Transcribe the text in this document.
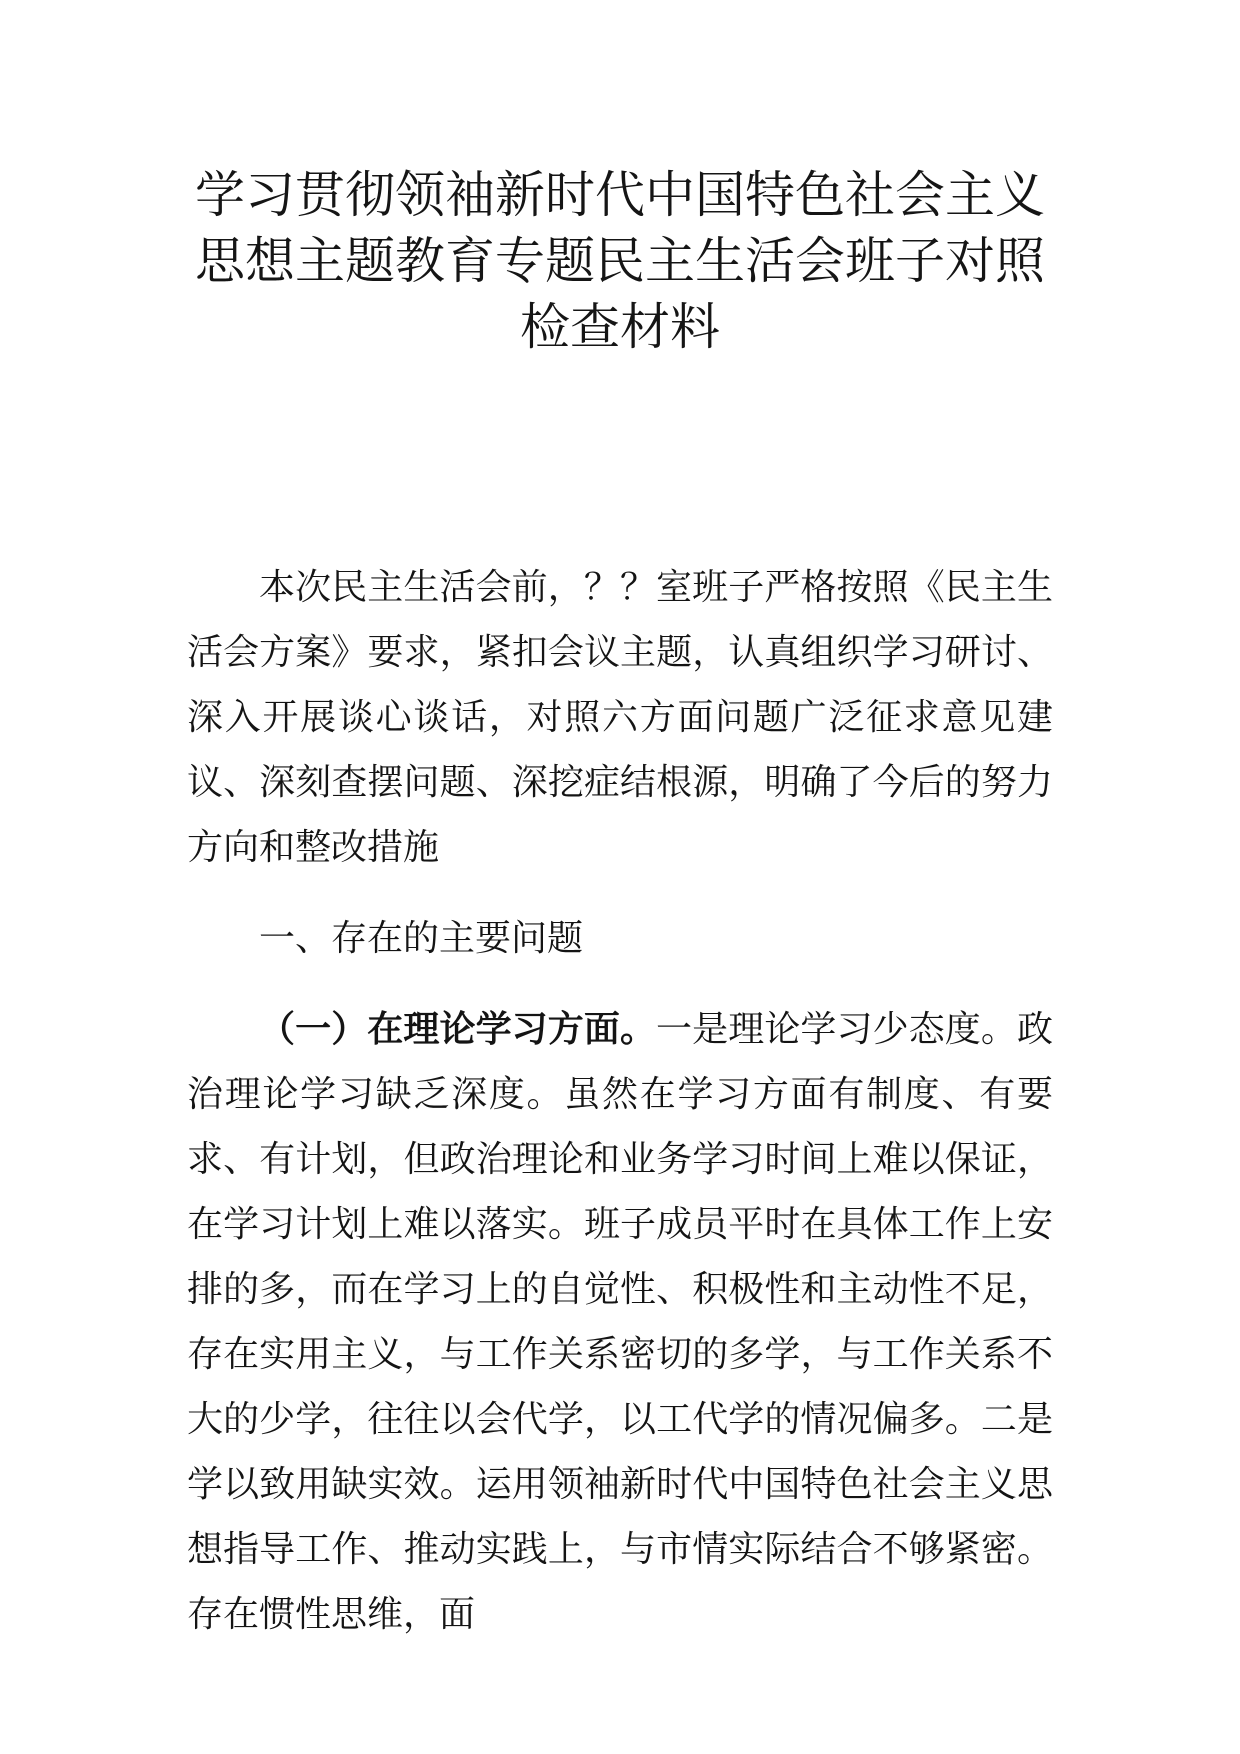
学习贯彻领袖新时代中国特色社会主义思想主题教育专题民主生活会班子对照检查材料

本次民主生活会前，？？室班子严格按照《民主生活会方案》要求，紧扣会议主题，认真组织学习研讨、深入开展谈心谈话，对照六方面问题广泛征求意见建议、深刻查摆问题、深挖症结根源，明确了今后的努力方向和整改措施

一、存在的主要问题

（一）在理论学习方面。一是理论学习少态度。政治理论学习缺乏深度。虽然在学习方面有制度、有要求、有计划，但政治理论和业务学习时间上难以保证，在学习计划上难以落实。班子成员平时在具体工作上安排的多，而在学习上的自觉性、积极性和主动性不足，存在实用主义，与工作关系密切的多学，与工作关系不大的少学，往往以会代学，以工代学的情况偏多。二是学以致用缺实效。运用领袖新时代中国特色社会主义思想指导工作、推动实践上，与市情实际结合不够紧密。存在惯性思维，面
